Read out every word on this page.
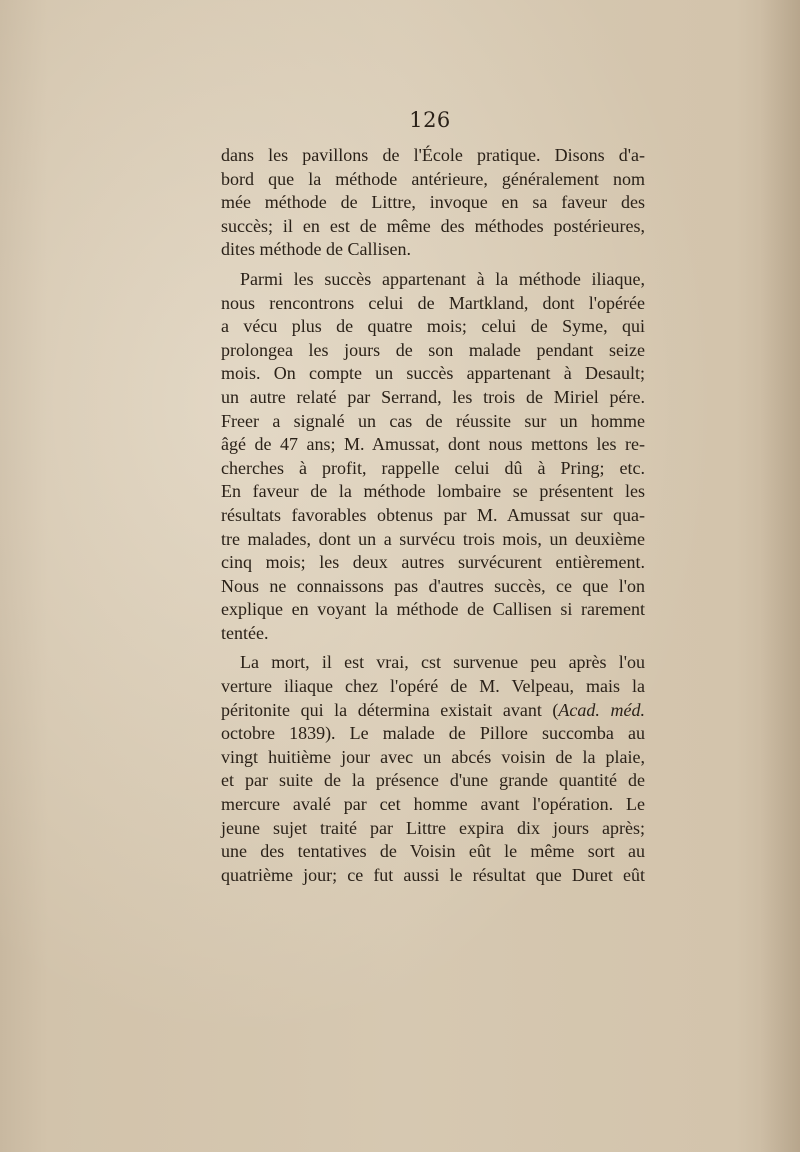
126

dans les pavillons de l'École pratique. Disons d'a-
bord que la méthode antérieure, généralement nom
mée méthode de Littre, invoque en sa faveur des
succès; il en est de même des méthodes postérieures,
dites méthode de Callisen.

Parmi les succès appartenant à la méthode iliaque,
nous rencontrons celui de Martkland, dont l'opérée
a vécu plus de quatre mois; celui de Syme, qui
prolongea les jours de son malade pendant seize
mois. On compte un succès appartenant à Desault;
un autre relaté par Serrand, les trois de Miriel pére.
Freer a signalé un cas de réussite sur un homme
âgé de 47 ans; M. Amussat, dont nous mettons les re-
cherches à profit, rappelle celui dû à Pring; etc.
En faveur de la méthode lombaire se présentent les
résultats favorables obtenus par M. Amussat sur qua-
tre malades, dont un a survécu trois mois, un deuxième
cinq mois; les deux autres survécurent entièrement.
Nous ne connaissons pas d'autres succès, ce que l'on
explique en voyant la méthode de Callisen si rarement
tentée.

La mort, il est vrai, cst survenue peu après l'ou
verture iliaque chez l'opéré de M. Velpeau, mais la
péritonite qui la détermina existait avant (Acad. méd.
octobre 1839). Le malade de Pillore succomba au
vingt huitième jour avec un abcés voisin de la plaie,
et par suite de la présence d'une grande quantité de
mercure avalé par cet homme avant l'opération. Le
jeune sujet traité par Littre expira dix jours après;
une des tentatives de Voisin eût le même sort au
quatrième jour; ce fut aussi le résultat que Duret eût
